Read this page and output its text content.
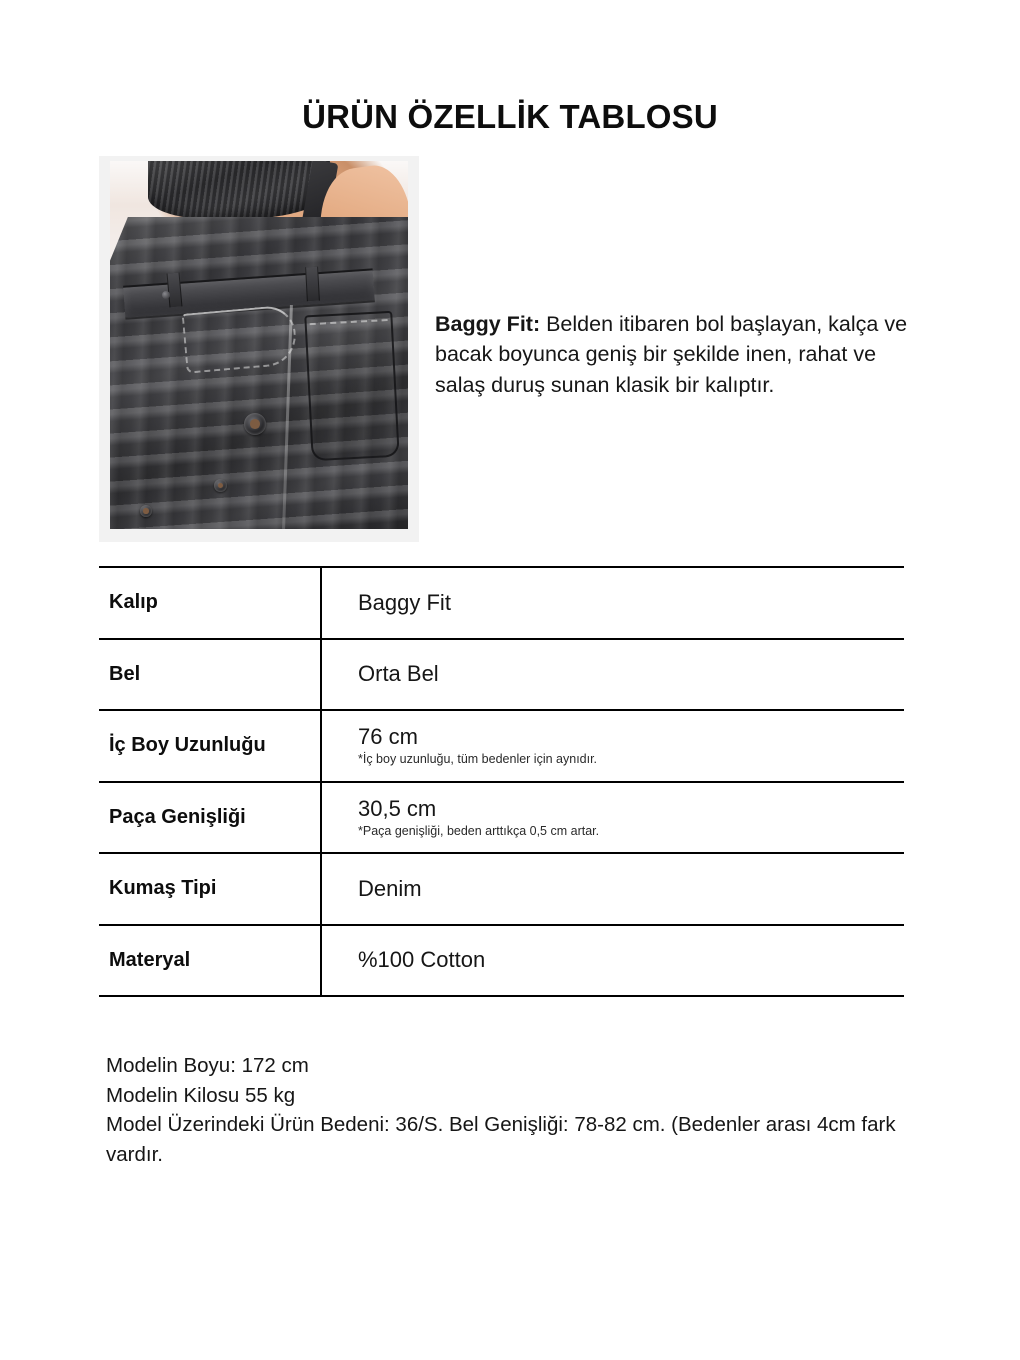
ÜRÜN ÖZELLİK TABLOSU

Baggy Fit: Belden itibaren bol başlayan, kalça ve bacak boyunca geniş bir şekilde inen, rahat ve salaş duruş sunan klasik bir kalıptır.

Kalıp	Baggy Fit

Bel	Orta Bel

İç Boy Uzunluğu	76 cm
*İç boy uzunluğu, tüm bedenler için aynıdır.

Paça Genişliği	30,5 cm
*Paça genişliği, beden arttıkça 0,5 cm artar.

Kumaş Tipi	Denim

Materyal	%100 Cotton
Modelin Boyu: 172 cm
Modelin Kilosu 55 kg
Model Üzerindeki Ürün Bedeni: 36/S. Bel Genişliği: 78-82 cm. (Bedenler arası 4cm fark vardır.
